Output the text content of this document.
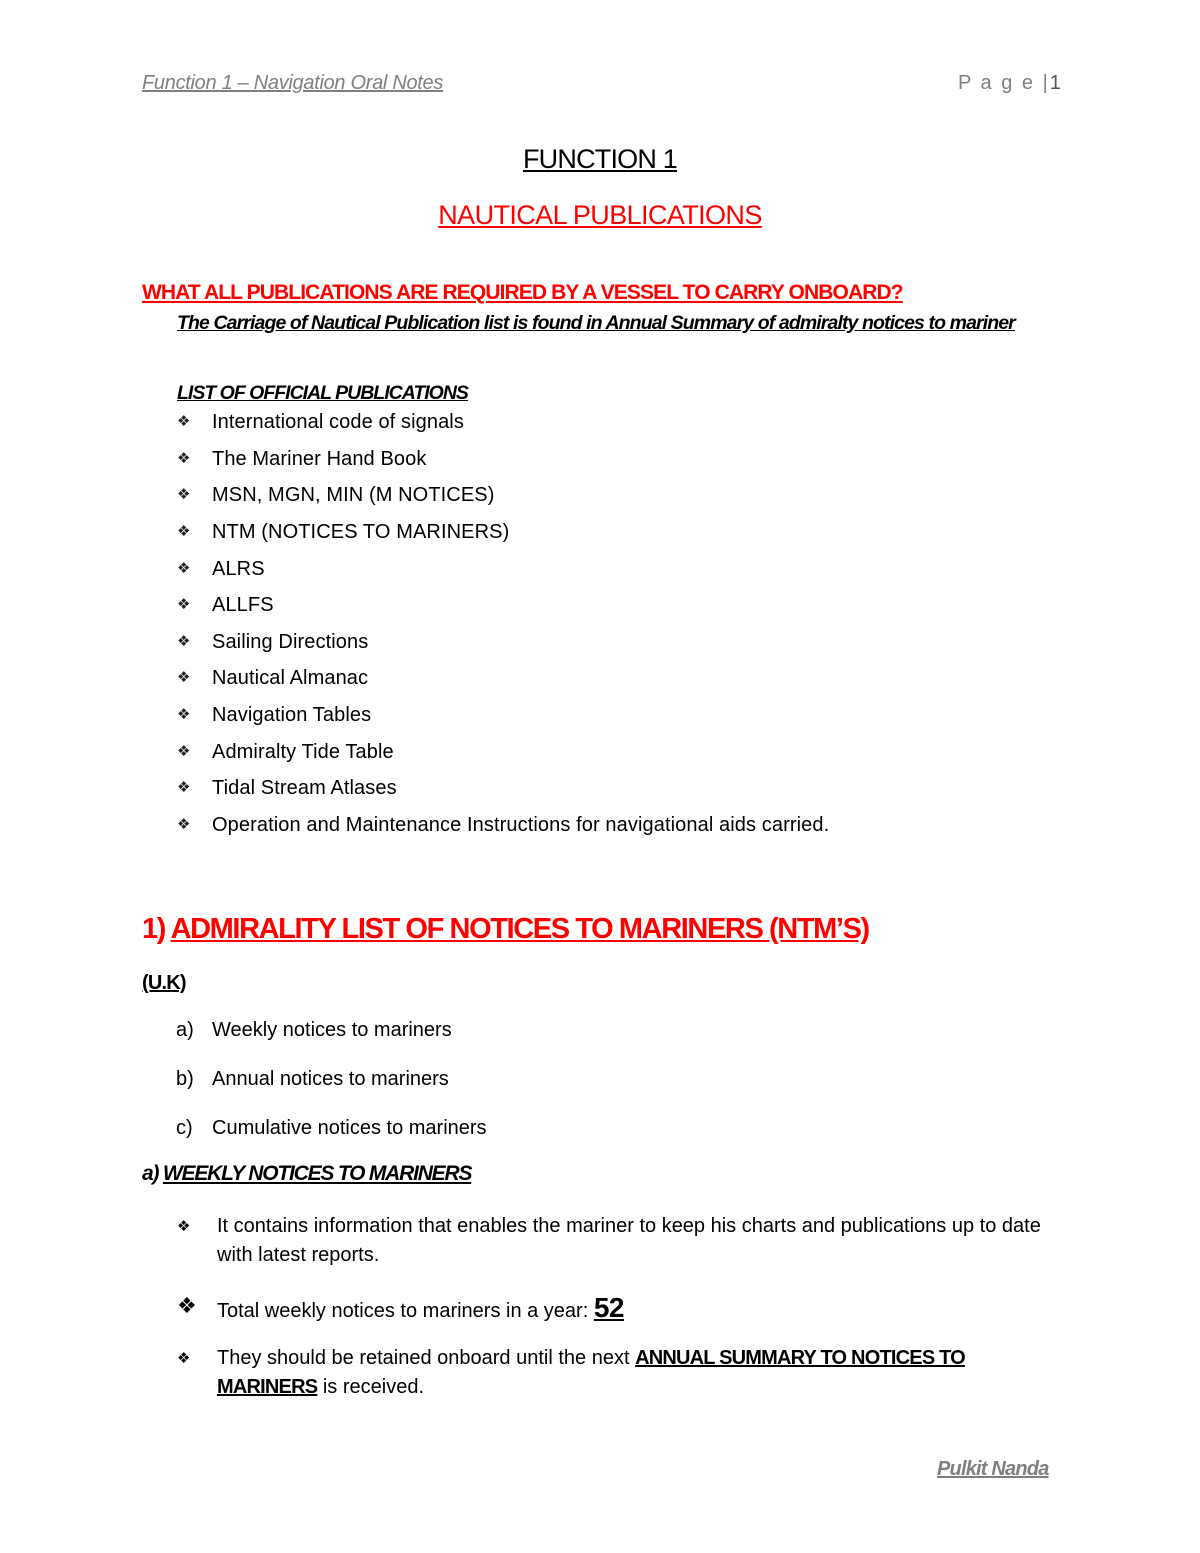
Function 1 – Navigation Oral Notes	P a g e |1
FUNCTION 1
NAUTICAL PUBLICATIONS
WHAT ALL PUBLICATIONS ARE REQUIRED BY A VESSEL TO CARRY ONBOARD?
The Carriage of Nautical Publication list is found in Annual Summary of admiralty notices to mariner
LIST OF OFFICIAL PUBLICATIONS
❖	International code of signals
❖	The Mariner Hand Book
❖	MSN, MGN, MIN (M NOTICES)
❖	NTM (NOTICES TO MARINERS)
❖	ALRS
❖	ALLFS
❖	Sailing Directions
❖	Nautical Almanac
❖	Navigation Tables
❖	Admiralty Tide Table
❖	Tidal Stream Atlases
❖	Operation and Maintenance Instructions for navigational aids carried.
1) ADMIRALITY LIST OF NOTICES TO MARINERS (NTM’S)
(U.K)
a) Weekly notices to mariners
b) Annual notices to mariners
c) Cumulative notices to mariners
a) WEEKLY NOTICES TO MARINERS
❖	It contains information that enables the mariner to keep his charts and publications up to date with latest reports.
❖	Total weekly notices to mariners in a year: 52
❖	They should be retained onboard until the next ANNUAL SUMMARY TO NOTICES TO MARINERS is received.
Pulkit Nanda
